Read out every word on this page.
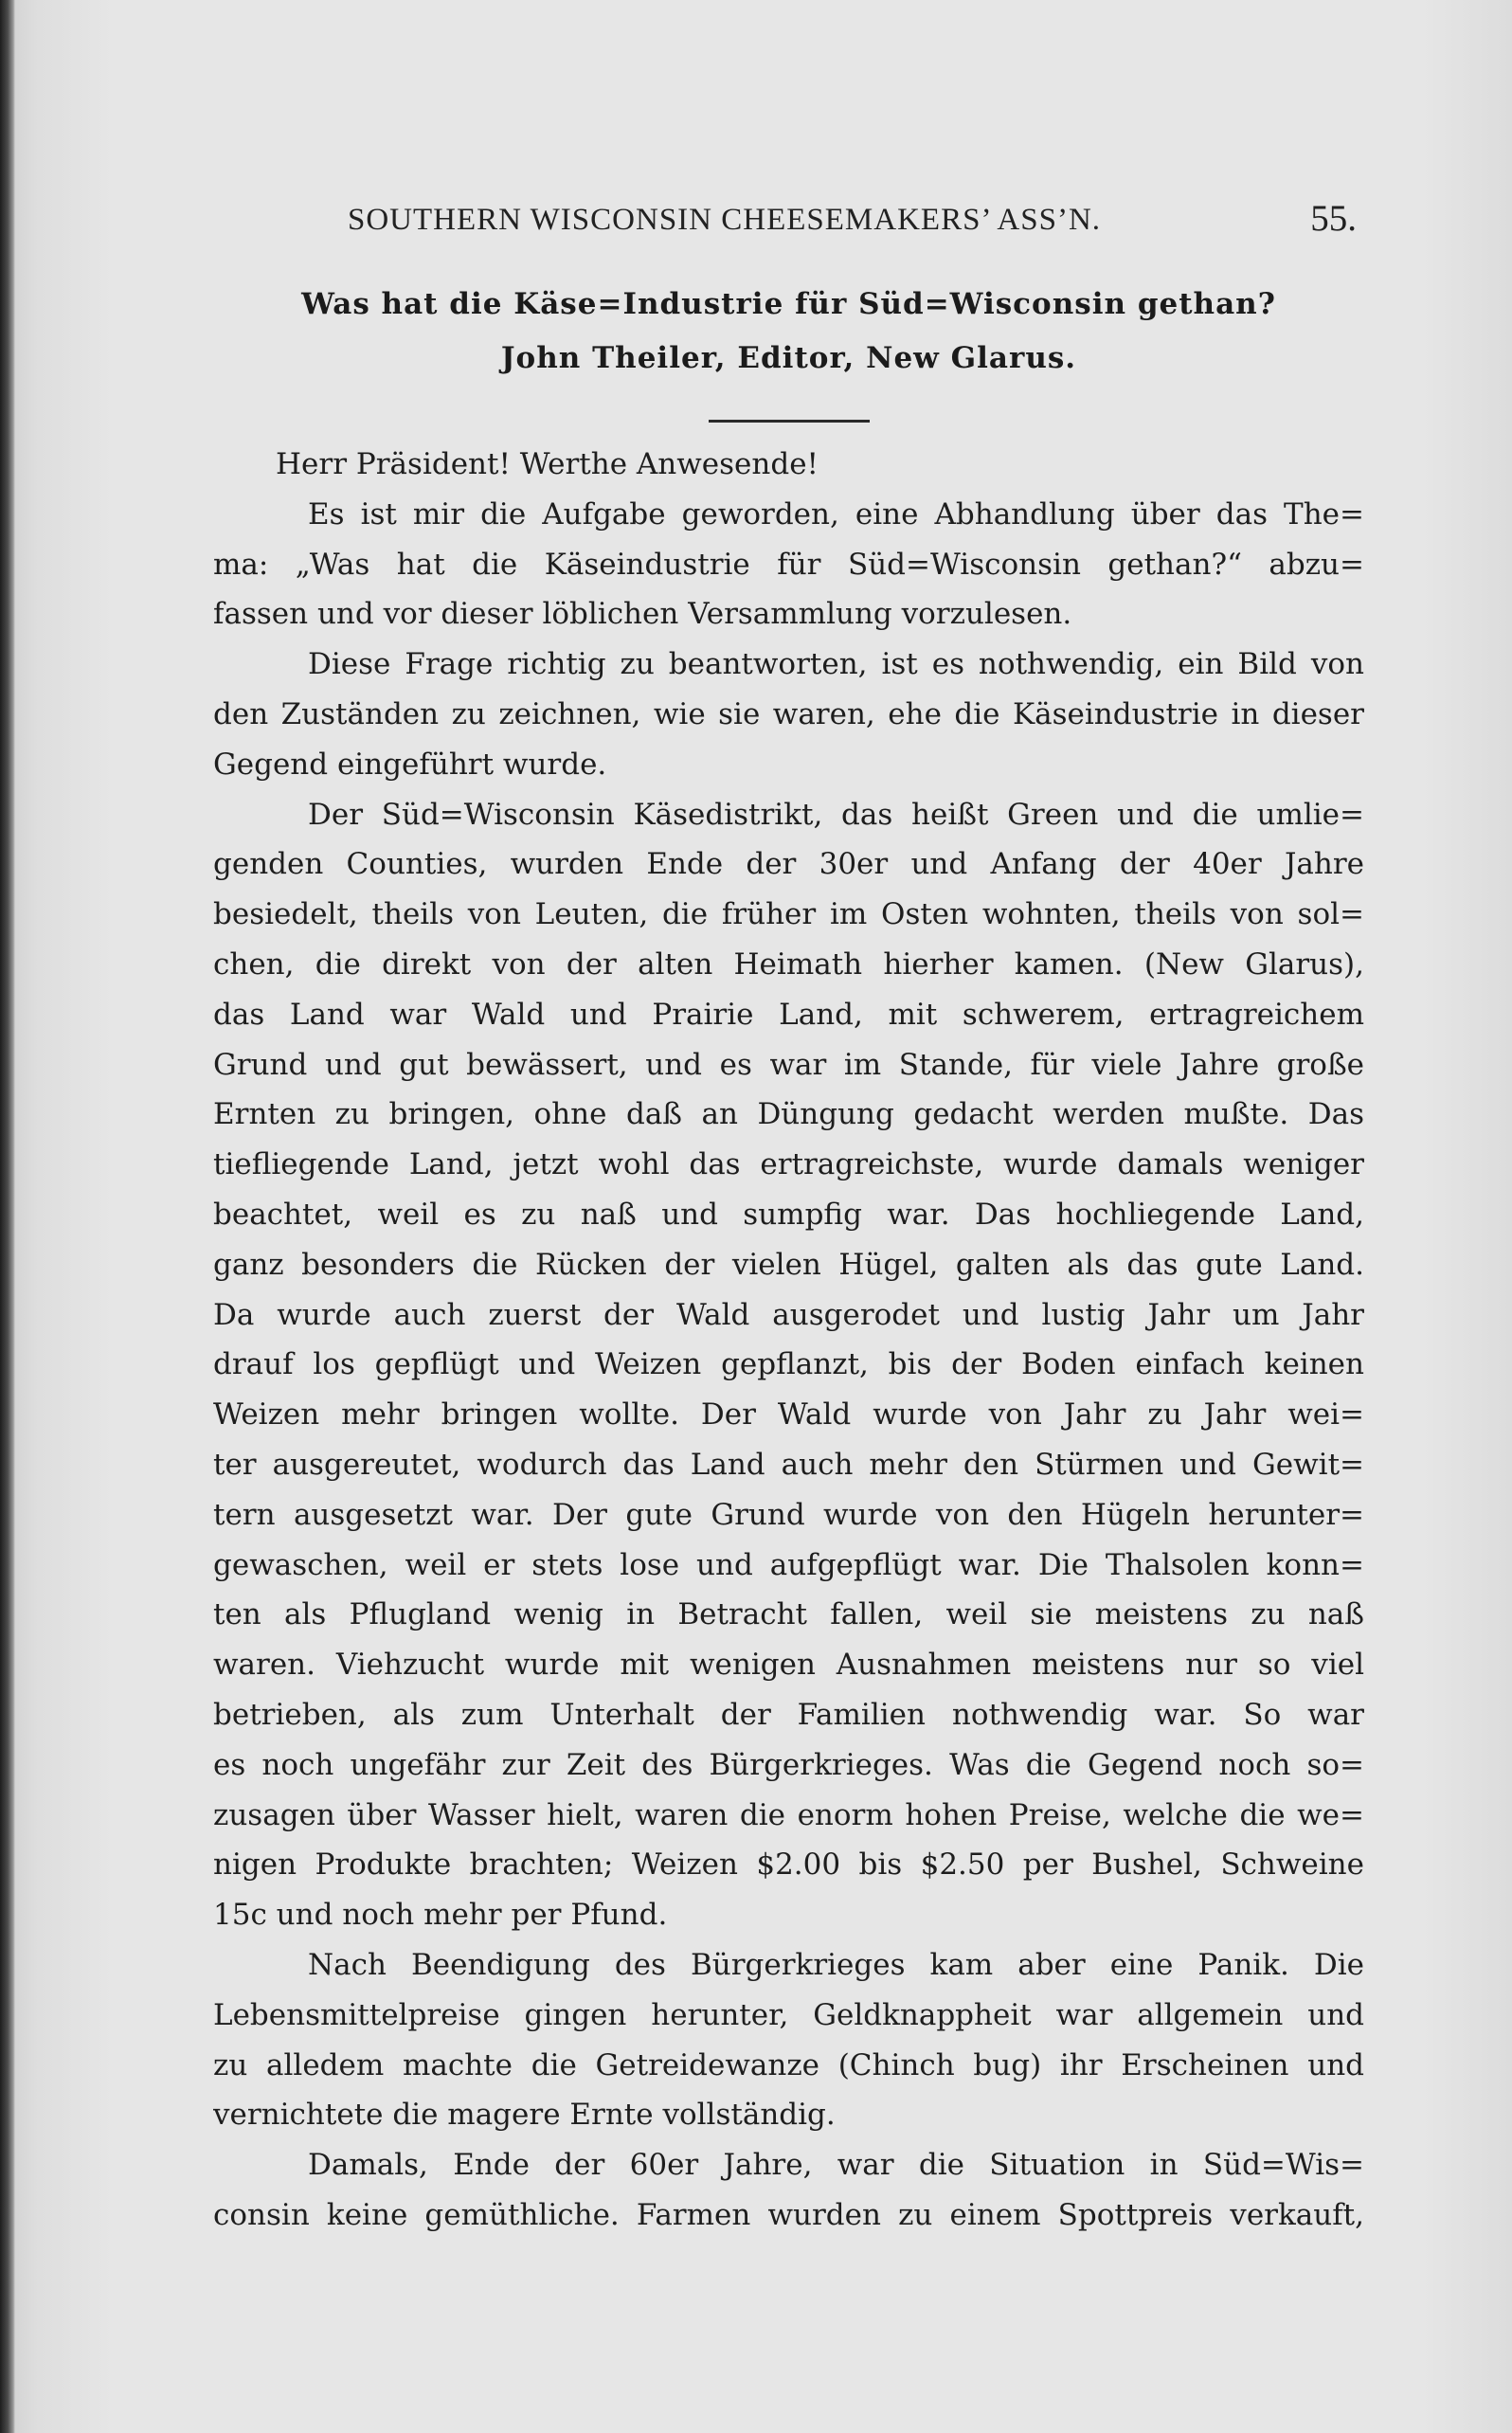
SOUTHERN WISCONSIN CHEESEMAKERS’ ASS’N.	55.
Was hat die Käse=Industrie für Süd=Wisconsin gethan?
John Theiler, Editor, New Glarus.
Herr Präsident! Werthe Anwesende!
Es ist mir die Aufgabe geworden, eine Abhandlung über das The=
ma: „Was hat die Käseindustrie für Süd=Wisconsin gethan?“ abzu=
fassen und vor dieser löblichen Versammlung vorzulesen.
Diese Frage richtig zu beantworten, ist es nothwendig, ein Bild von
den Zuständen zu zeichnen, wie sie waren, ehe die Käseindustrie in dieser
Gegend eingeführt wurde.
Der Süd=Wisconsin Käsedistrikt, das heißt Green und die umlie=
genden Counties, wurden Ende der 30er und Anfang der 40er Jahre
besiedelt, theils von Leuten, die früher im Osten wohnten, theils von sol=
chen, die direkt von der alten Heimath hierher kamen. (New Glarus),
das Land war Wald und Prairie Land, mit schwerem, ertragreichem
Grund und gut bewässert, und es war im Stande, für viele Jahre große
Ernten zu bringen, ohne daß an Düngung gedacht werden mußte. Das
tiefliegende Land, jetzt wohl das ertragreichste, wurde damals weniger
beachtet, weil es zu naß und sumpfig war. Das hochliegende Land,
ganz besonders die Rücken der vielen Hügel, galten als das gute Land.
Da wurde auch zuerst der Wald ausgerodet und lustig Jahr um Jahr
drauf los gepflügt und Weizen gepflanzt, bis der Boden einfach keinen
Weizen mehr bringen wollte. Der Wald wurde von Jahr zu Jahr wei=
ter ausgereutet, wodurch das Land auch mehr den Stürmen und Gewit=
tern ausgesetzt war. Der gute Grund wurde von den Hügeln herunter=
gewaschen, weil er stets lose und aufgepflügt war. Die Thalsolen konn=
ten als Pflugland wenig in Betracht fallen, weil sie meistens zu naß
waren. Viehzucht wurde mit wenigen Ausnahmen meistens nur so viel
betrieben, als zum Unterhalt der Familien nothwendig war. So war
es noch ungefähr zur Zeit des Bürgerkrieges. Was die Gegend noch so=
zusagen über Wasser hielt, waren die enorm hohen Preise, welche die we=
nigen Produkte brachten; Weizen $2.00 bis $2.50 per Bushel, Schweine
15c und noch mehr per Pfund.
Nach Beendigung des Bürgerkrieges kam aber eine Panik. Die
Lebensmittelpreise gingen herunter, Geldknappheit war allgemein und
zu alledem machte die Getreidewanze (Chinch bug) ihr Erscheinen und
vernichtete die magere Ernte vollständig.
Damals, Ende der 60er Jahre, war die Situation in Süd=Wis=
consin keine gemüthliche. Farmen wurden zu einem Spottpreis verkauft,
